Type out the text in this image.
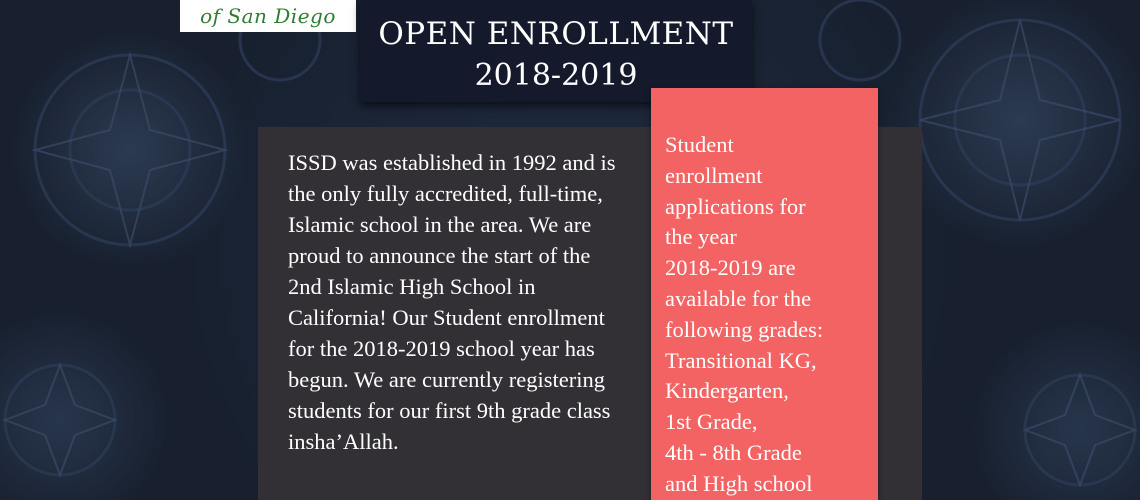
of San Diego	OPEN ENROLLMENT
2018-2019

ISSD was established in 1992 and is the only fully accredited, full-time, Islamic school in the area. We are proud to announce the start of the 2nd Islamic High School in California! Our Student enrollment for the 2018-2019 school year has begun. We are currently registering students for our first 9th grade class insha’Allah.

Student
enrollment
applications for
the year
2018-2019 are
available for the
following grades:
Transitional KG,
Kindergarten,
1st Grade,
4th - 8th Grade
and High school
